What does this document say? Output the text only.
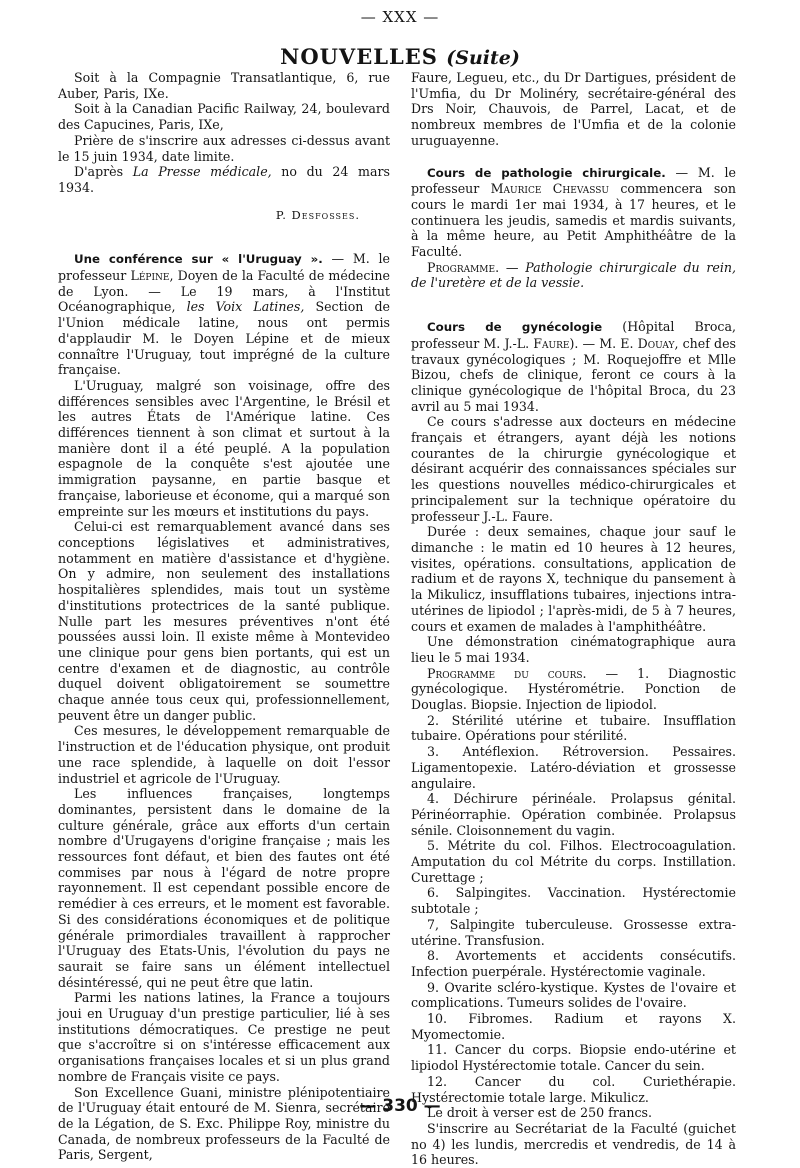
— XXX —
NOUVELLES (Suite)

Soit à la Compagnie Transatlantique, 6, rue Auber, Paris, IXe.

Soit à la Canadian Pacific Railway, 24, boulevard des Capucines, Paris, IXe,

Prière de s'inscrire aux adresses ci-dessus avant le 15 juin 1934, date limite.

D'après La Presse médicale, no du 24 mars 1934.

P. Desfosses.

Une conférence sur « l'Uruguay ». — M. le professeur Lépine, Doyen de la Faculté de médecine de Lyon. — Le 19 mars, à l'Institut Océanographique, les Voix Latines, Section de l'Union médicale latine, nous ont permis d'applaudir M. le Doyen Lépine et de mieux connaître l'Uruguay, tout imprégné de la culture française.

L'Uruguay, malgré son voisinage, offre des différences sensibles avec l'Argentine, le Brésil et les autres États de l'Amérique latine. Ces différences tiennent à son climat et surtout à la manière dont il a été peuplé. A la population espagnole de la conquête s'est ajoutée une immigration paysanne, en partie basque et française, laborieuse et économe, qui a marqué son empreinte sur les mœurs et institutions du pays.

Celui-ci est remarquablement avancé dans ses conceptions législatives et administratives, notamment en matière d'assistance et d'hygiène. On y admire, non seulement des installations hospitalières splendides, mais tout un système d'institutions protectrices de la santé publique. Nulle part les mesures préventives n'ont été poussées aussi loin. Il existe même à Montevideo une clinique pour gens bien portants, qui est un centre d'examen et de diagnostic, au contrôle duquel doivent obligatoirement se soumettre chaque année tous ceux qui, professionnellement, peuvent être un danger public.

Ces mesures, le développement remarquable de l'instruction et de l'éducation physique, ont produit une race splendide, à laquelle on doit l'essor industriel et agricole de l'Uruguay.

Les influences françaises, longtemps dominantes, persistent dans le domaine de la culture générale, grâce aux efforts d'un certain nombre d'Urugayens d'origine française ; mais les ressources font défaut, et bien des fautes ont été commises par nous à l'égard de notre propre rayonnement. Il est cependant possible encore de remédier à ces erreurs, et le moment est favorable. Si des considérations économiques et de politique générale primordiales travaillent à rapprocher l'Uruguay des Etats-Unis, l'évolution du pays ne saurait se faire sans un élément intellectuel désintéressé, qui ne peut être que latin.

Parmi les nations latines, la France a toujours joui en Uruguay d'un prestige particulier, lié à ses institutions démocratiques. Ce prestige ne peut que s'accroître si on s'intéresse efficacement aux organisations françaises locales et si un plus grand nombre de Français visite ce pays.

Son Excellence Guani, ministre plénipotentiaire de l'Uruguay était entouré de M. Sienra, secrétaire de la Légation, de S. Exc. Philippe Roy, ministre du Canada, de nombreux professeurs de la Faculté de Paris, Sergent,

Faure, Legueu, etc., du Dr Dartigues, président de l'Umfia, du Dr Molinéry, secrétaire-général des Drs Noir, Chauvois, de Parrel, Lacat, et de nombreux membres de l'Umfia et de la colonie uruguayenne.

Cours de pathologie chirurgicale. — M. le professeur Maurice Chevassu commencera son cours le mardi 1er mai 1934, à 17 heures, et le continuera les jeudis, samedis et mardis suivants, à la même heure, au Petit Amphithéâtre de la Faculté.

Programme. — Pathologie chirurgicale du rein, de l'uretère et de la vessie.

Cours de gynécologie (Hôpital Broca, professeur M. J.-L. Faure). — M. E. Douay, chef des travaux gynécologiques ; M. Roquejoffre et Mlle Bizou, chefs de clinique, feront ce cours à la clinique gynécologique de l'hôpital Broca, du 23 avril au 5 mai 1934.

Ce cours s'adresse aux docteurs en médecine français et étrangers, ayant déjà les notions courantes de la chirurgie gynécologique et désirant acquérir des connaissances spéciales sur les questions nouvelles médico-chirurgicales et principalement sur la technique opératoire du professeur J.-L. Faure.

Durée : deux semaines, chaque jour sauf le dimanche : le matin ed 10 heures à 12 heures, visites, opérations. consultations, application de radium et de rayons X, technique du pansement à la Mikulicz, insufflations tubaires, injections intra-utérines de lipiodol ; l'après-midi, de 5 à 7 heures, cours et examen de malades à l'amphithéâtre.

Une démonstration cinématographique aura lieu le 5 mai 1934.

Programme du cours. — 1. Diagnostic gynécologique. Hystérométrie. Ponction de Douglas. Biopsie. Injection de lipiodol.

2. Stérilité utérine et tubaire. Insufflation tubaire. Opérations pour stérilité.

3. Antéflexion. Rétroversion. Pessaires. Ligamentopexie. Latéro-déviation et grossesse angulaire.

4. Déchirure périnéale. Prolapsus génital. Périnéorraphie. Opération combinée. Prolapsus sénile. Cloisonnement du vagin.

5. Métrite du col. Filhos. Electrocoagulation. Amputation du col Métrite du corps. Instillation. Curettage ;

6. Salpingites. Vaccination. Hystérectomie subtotale ;

7, Salpingite tuberculeuse. Grossesse extra-utérine. Transfusion.

8. Avortements et accidents consécutifs. Infection puerpérale. Hystérectomie vaginale.

9. Ovarite scléro-kystique. Kystes de l'ovaire et complications. Tumeurs solides de l'ovaire.

10. Fibromes. Radium et rayons X. Myomectomie.

11. Cancer du corps. Biopsie endo-utérine et lipiodol Hystérectomie totale. Cancer du sein.

12. Cancer du col. Curiethérapie. Hystérectomie totale large. Mikulicz.

Le droit à verser est de 250 francs.

S'inscrire au Secrétariat de la Faculté (guichet no 4) les lundis, mercredis et vendredis, de 14 à 16 heures.

— 330 —
